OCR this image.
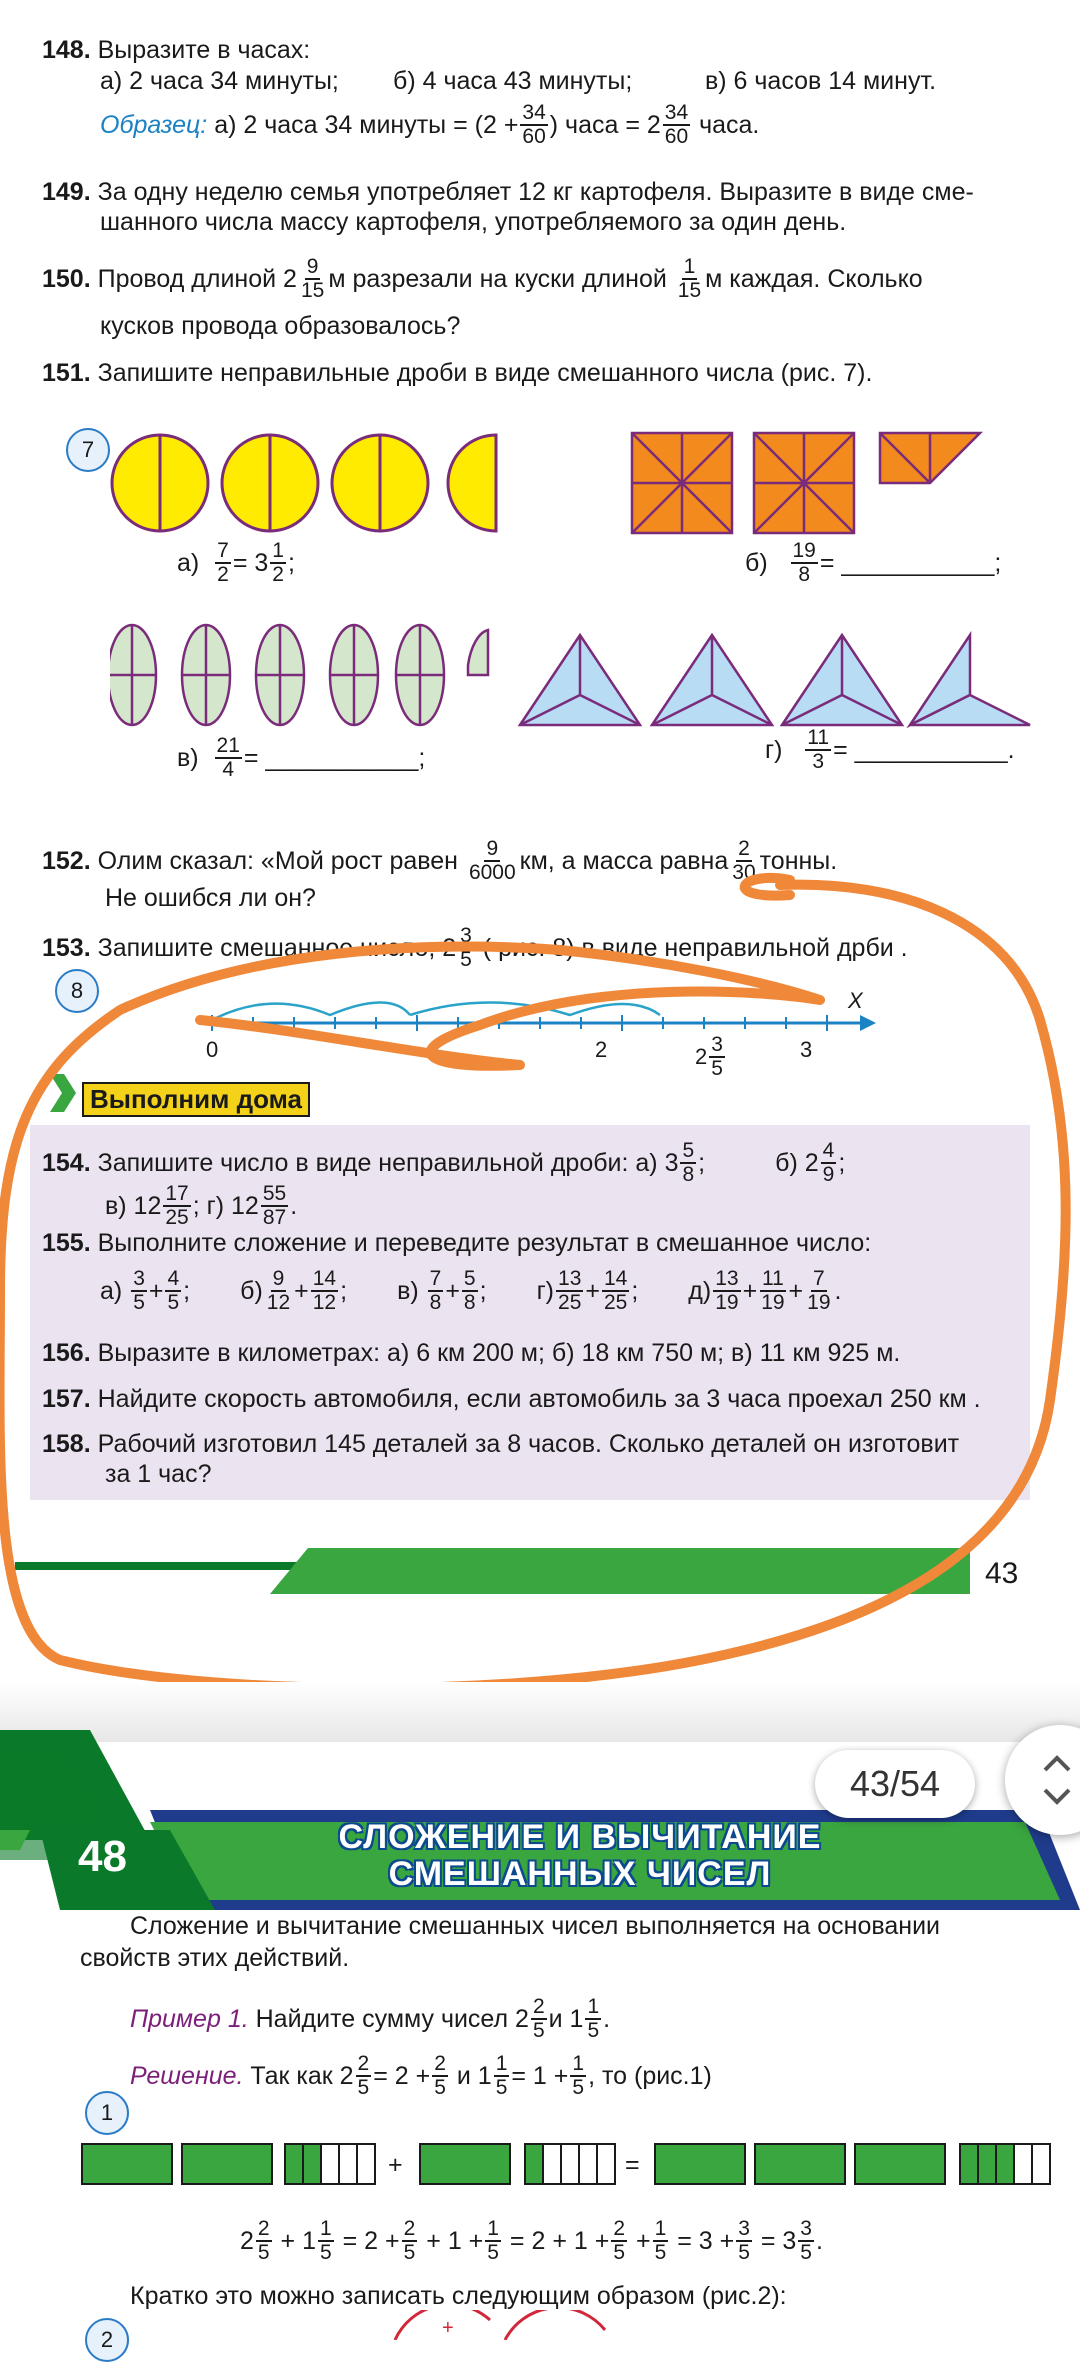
148. Выразите в часах:
а) 2 часа 34 минуты; б) 4 часа 43 минуты;	в) 6 часов 14 минут.
Образец:
а) 2 часа 34 минуты = ($2 + \frac{34}{60}$ ) часа = $2 \frac{34}{60}$
часа.
149. За одну неделю семья употребляет 12 кг картофеля. Выразите в виде сме-
шанного числа массу картофеля, употребляемого за один день.
150.
Провод длиной $2 \frac{9}{15}$ м разрезали на куски длиной
$\frac{1}{15}$ м каждая. Сколько
кусков провода образовалось?
151. Запишите неправильные дроби в виде смешанного числа (рис. 7).
7
а)
$\frac{7}{2} = 3 \frac{1}{2}$ ;	б)
$\frac{19}{8}$ = ___________;
в)
$\frac{21}{4}$ = ___________;	г)
$\frac{11}{3}$ = ___________.
152.
Олим сказал: «Мой рост равен
$\frac{9}{6000}$ км, а масса равна $\frac{2}{30}$ тонны.
Не ошибся ли он?
153.
Запишите смешанное число, $2 \frac{3}{5}$
( рис. 8) в виде неправильной др би .
8
0	2	3
X
$2 \frac{3}{5}$
Выполним дома
154.
Запишите число в виде неправильной дроби: а) $3 \frac{5}{8}$ ;	б) $2 \frac{4}{9}$ ;
в) $12 \frac{17}{25}$ ; г) $12 \frac{55}{87}$ .
155. Выполните сложение и переведите результат в смешанное число:
а)
$\frac{3}{5} + \frac{4}{5}$ ; $б) \frac{9}{12} + \frac{14}{12}$ ; в)
$\frac{7}{8} + \frac{5}{8}$ ; $г) \frac{13}{25} + \frac{14}{25}$ ; $д) \frac{13}{19} + \frac{11}{19} + \frac{7}{19}$ .
156. Выразите в километрах: а) 6 км 200 м; б) 18 км 750 м; в) 11 км 925 м.
157. Найдите скорость автомобиля, если автомобиль за 3 часа проехал 250 км .
158. Рабочий изготовил 145 деталей за 8 часов. Сколько деталей он изготовит
за 1 час?
43
48	СЛОЖЕНИЕ И ВЫЧИТАНИЕ
СМЕШАННЫХ ЧИСЕЛ
43/54
Сложение и вычитание смешанных чисел выполняется на основании
свойств этих действий.
Пример 1.
Найдите сумму чисел $2 \frac{2}{5}$ и $1 \frac{1}{5}$ .
Решение.
Так как $2 \frac{2}{5} = 2 + \frac{2}{5}$
и $1 \frac{1}{5} = 1 + \frac{1}{5}$ , то (рис.1)
1
+	=
$2 \frac{2}{5}$
+ $1 \frac{1}{5}$
= $2 + \frac{2}{5}$
+ $1 + \frac{1}{5}$
= $2 + 1 + \frac{2}{5}$
+ $\frac{1}{5}$
= $3 + \frac{3}{5}$
= $3 \frac{3}{5}$ .
Кратко это можно записать следующим образом (рис.2):
2	+
